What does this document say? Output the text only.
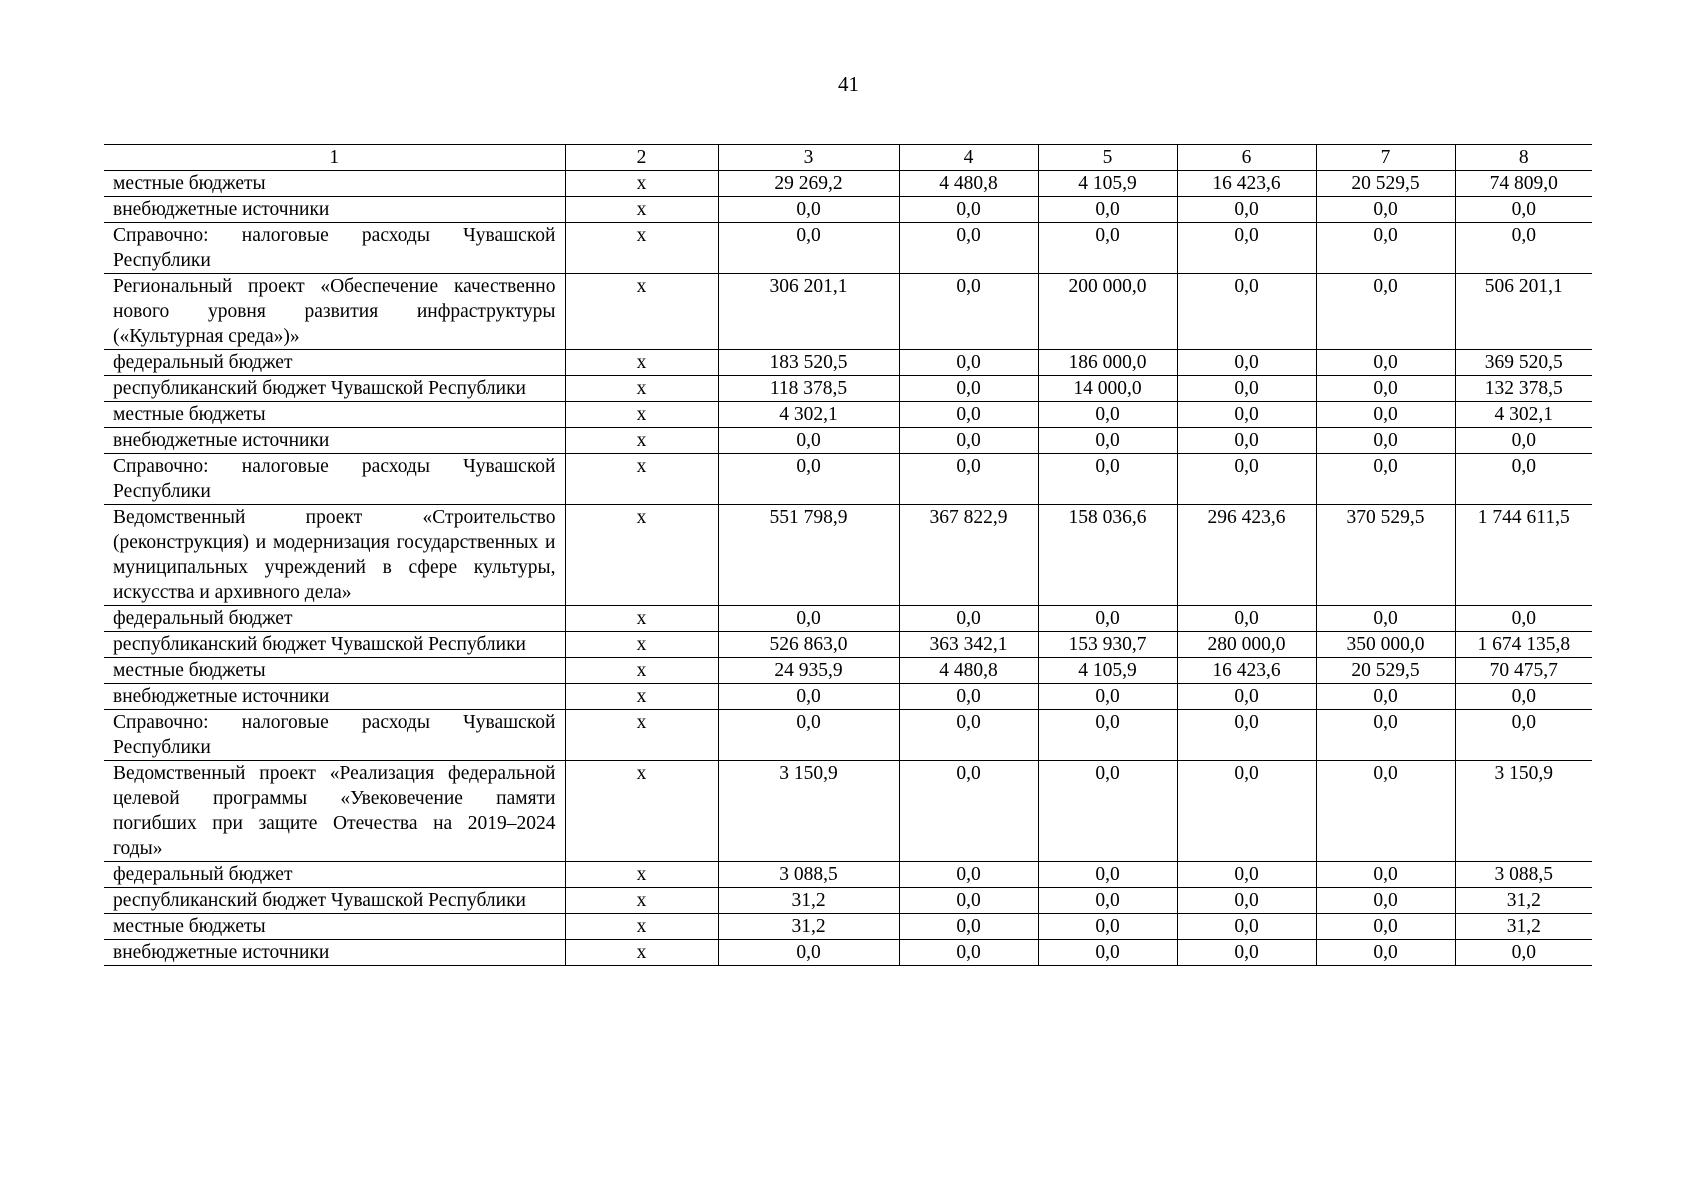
41
1	2	3	4	5	6	7	8
местные бюджеты	х	29 269,2	4 480,8	4 105,9	16 423,6	20 529,5	74 809,0
внебюджетные источники	х	0,0	0,0	0,0	0,0	0,0	0,0
Справочно: налоговые расходы Чувашской Республики	х	0,0	0,0	0,0	0,0	0,0	0,0
Региональный проект «Обеспечение качественно нового уровня развития инфраструктуры («Культурная среда»)»	х	306 201,1	0,0	200 000,0	0,0	0,0	506 201,1
федеральный бюджет	х	183 520,5	0,0	186 000,0	0,0	0,0	369 520,5
республиканский бюджет Чувашской Республики	х	118 378,5	0,0	14 000,0	0,0	0,0	132 378,5
местные бюджеты	х	4 302,1	0,0	0,0	0,0	0,0	4 302,1
внебюджетные источники	х	0,0	0,0	0,0	0,0	0,0	0,0
Справочно: налоговые расходы Чувашской Республики	х	0,0	0,0	0,0	0,0	0,0	0,0
Ведомственный проект «Строительство (реконструкция) и модернизация государственных и муниципальных учреждений в сфере культуры, искусства и архивного дела»	х	551 798,9	367 822,9	158 036,6	296 423,6	370 529,5	1 744 611,5
федеральный бюджет	х	0,0	0,0	0,0	0,0	0,0	0,0
республиканский бюджет Чувашской Республики	х	526 863,0	363 342,1	153 930,7	280 000,0	350 000,0	1 674 135,8
местные бюджеты	х	24 935,9	4 480,8	4 105,9	16 423,6	20 529,5	70 475,7
внебюджетные источники	х	0,0	0,0	0,0	0,0	0,0	0,0
Справочно: налоговые расходы Чувашской Республики	х	0,0	0,0	0,0	0,0	0,0	0,0
Ведомственный проект «Реализация федеральной целевой программы «Увековечение памяти погибших при защите Отечества на 2019–2024 годы»	х	3 150,9	0,0	0,0	0,0	0,0	3 150,9
федеральный бюджет	х	3 088,5	0,0	0,0	0,0	0,0	3 088,5
республиканский бюджет Чувашской Республики	х	31,2	0,0	0,0	0,0	0,0	31,2
местные бюджеты	х	31,2	0,0	0,0	0,0	0,0	31,2
внебюджетные источники	х	0,0	0,0	0,0	0,0	0,0	0,0
